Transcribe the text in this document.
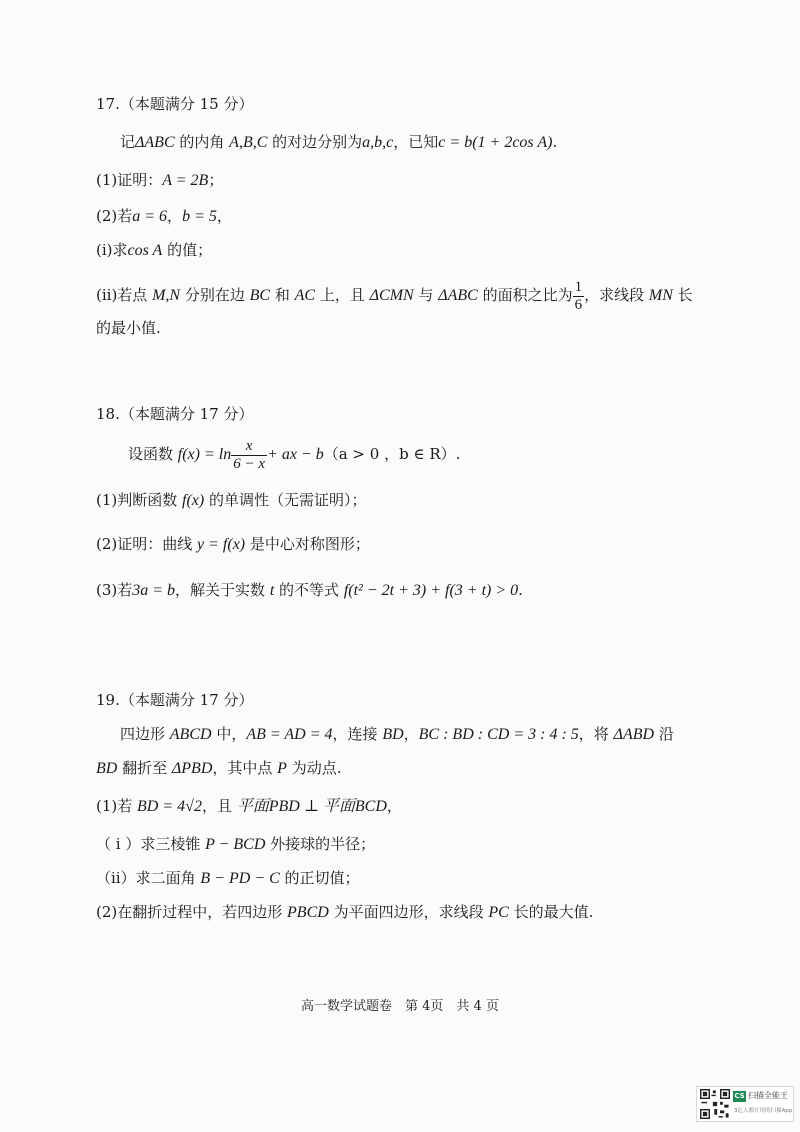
17.（本题满分 15 分）
记ΔABC 的内角 A,B,C 的对边分别为a,b,c，已知c = b(1 + 2cos A).
(1)证明：A = 2B；
(2)若a = 6，b = 5，
(i)求cos A 的值；
(ii)若点 M,N 分别在边 BC 和 AC 上，且 ΔCMN 与 ΔABC 的面积之比为 $\frac{1}{6}$ ，求线段 MN 长
的最小值.
18.（本题满分 17 分）
设函数 $f(x) = \ln \frac{x}{6 - x}$ + ax − b（a > 0 ，b ∈ R）.
(1)判断函数 f(x) 的单调性（无需证明）；
(2)证明：曲线 y = f(x) 是中心对称图形；
(3)若3a = b，解关于实数 t 的不等式 f(t² − 2t + 3) + f(3 + t) > 0.
19.（本题满分 17 分）
四边形 ABCD 中，AB = AD = 4，连接 BD，BC : BD : CD = 3 : 4 : 5，将 ΔABD 沿
BD 翻折至 ΔPBD，其中点 P 为动点.
(1)若 BD = 4√2，且 平面PBD ⊥ 平面BCD，
（ i ）求三棱锥 P − BCD 外接球的半径；
（ii）求二面角 B − PD − C 的正切值；
(2)在翻折过程中，若四边形 PBCD 为平面四边形，求线段 PC 长的最大值.
高一数学试题卷　第 4页　共 4 页
CS 扫描全能王
3亿人都在用的扫描App
